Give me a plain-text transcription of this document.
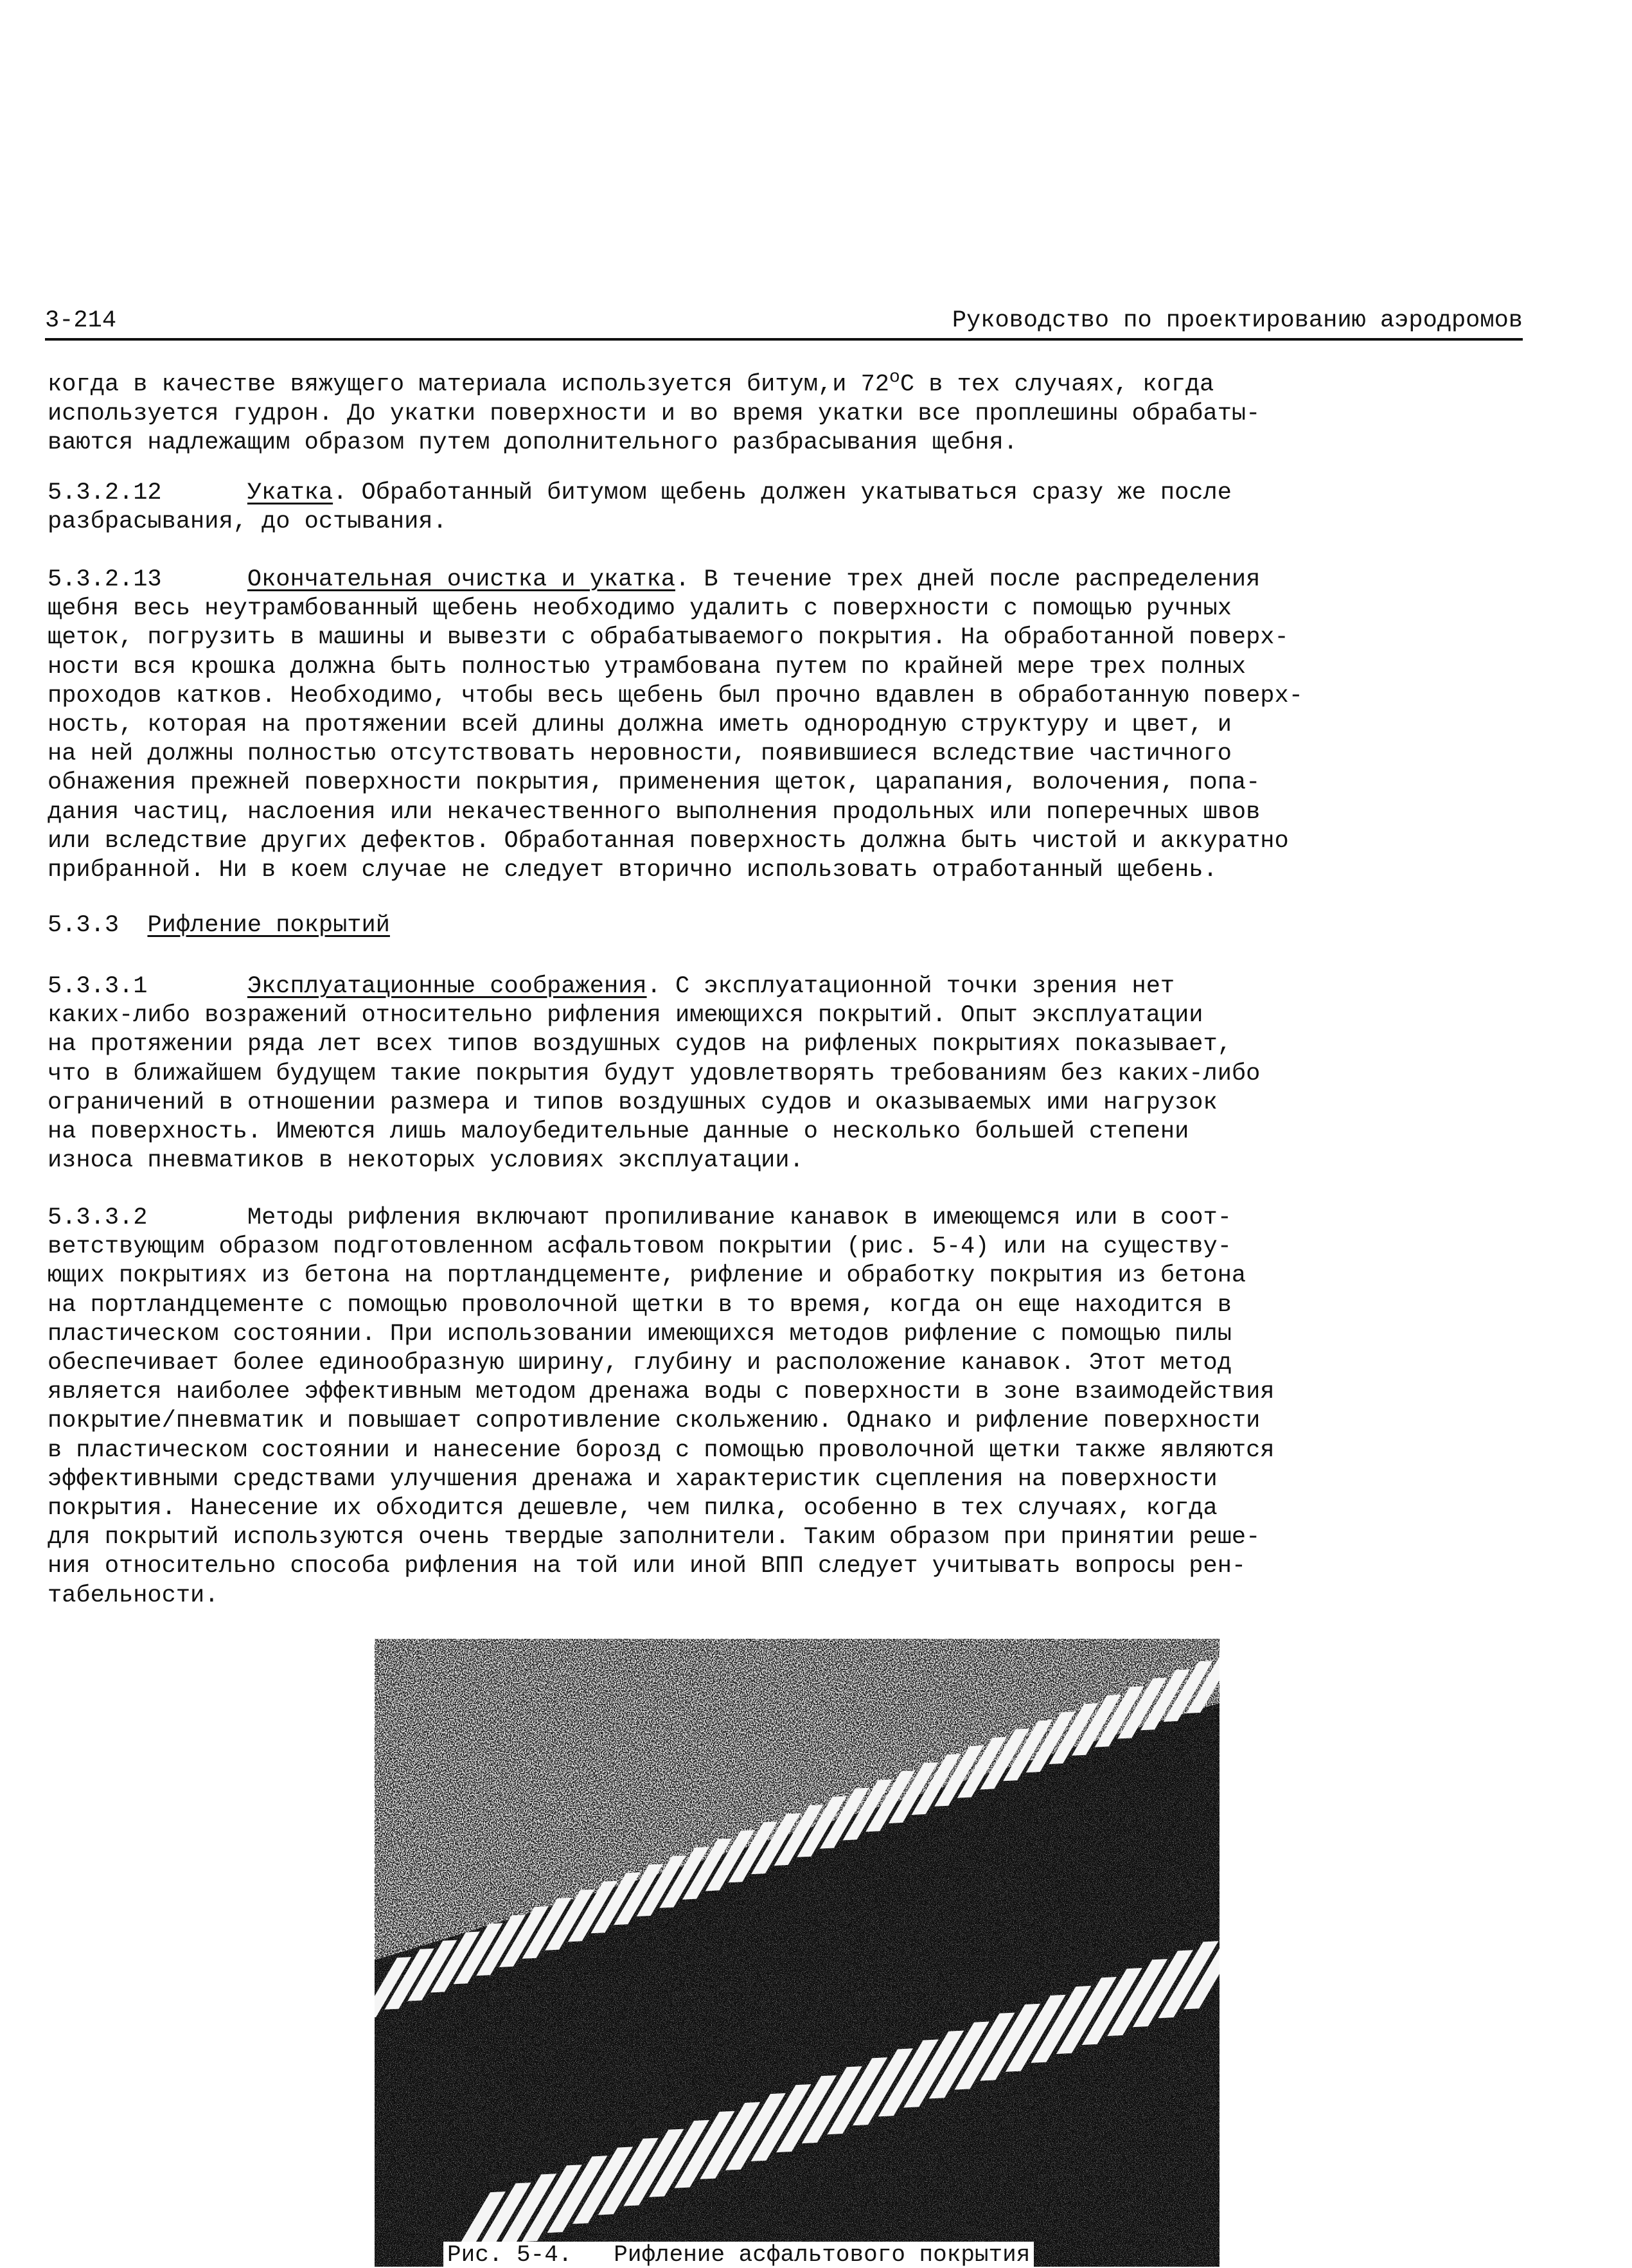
3-214	Руководство по проектированию аэродромов
когда в качестве вяжущего материала используется битум,и 72$^o$C в тех случаях, когда
используется гудрон. До укатки поверхности и во время укатки все проплешины обрабаты-
ваются надлежащим образом путем дополнительного разбрасывания щебня.
5.3.2.12	Укатка. Обработанный битумом щебень должен укатываться сразу же после
разбрасывания, до остывания.
5.3.2.13	Окончательная очистка и укатка. В течение трех дней после распределения
щебня весь неутрамбованный щебень необходимо удалить с поверхности с помощью ручных
щеток, погрузить в машины и вывезти с обрабатываемого покрытия. На обработанной поверх-
ности вся крошка должна быть полностью утрамбована путем по крайней мере трех полных
проходов катков. Необходимо, чтобы весь щебень был прочно вдавлен в обработанную поверх-
ность, которая на протяжении всей длины должна иметь однородную структуру и цвет, и
на ней должны полностью отсутствовать неровности, появившиеся вследствие частичного
обнажения прежней поверхности покрытия, применения щеток, царапания, волочения, попа-
дания частиц, наслоения или некачественного выполнения продольных или поперечных швов
или вследствие других дефектов. Обработанная поверхность должна быть чистой и аккуратно
прибранной. Ни в коем случае не следует вторично использовать отработанный щебень.
5.3.3 Рифление покрытий
5.3.3.1	Эксплуатационные соображения. С эксплуатационной точки зрения нет
каких-либо возражений относительно рифления имеющихся покрытий. Опыт эксплуатации
на протяжении ряда лет всех типов воздушных судов на рифленых покрытиях показывает,
что в ближайшем будущем такие покрытия будут удовлетворять требованиям без каких-либо
ограничений в отношении размера и типов воздушных судов и оказываемых ими нагрузок
на поверхность. Имеются лишь малоубедительные данные о несколько большей степени
износа пневматиков в некоторых условиях эксплуатации.
5.3.3.2	Методы рифления включают пропиливание канавок в имеющемся или в соот-
ветствующим образом подготовленном асфальтовом покрытии (рис. 5-4) или на существу-
ющих покрытиях из бетона на портландцементе, рифление и обработку покрытия из бетона
на портландцементе с помощью проволочной щетки в то время, когда он еще находится в
пластическом состоянии. При использовании имеющихся методов рифление с помощью пилы
обеспечивает более единообразную ширину, глубину и расположение канавок. Этот метод
является наиболее эффективным методом дренажа воды с поверхности в зоне взаимодействия
покрытие/пневматик и повышает сопротивление скольжению. Однако и рифление поверхности
в пластическом состоянии и нанесение борозд с помощью проволочной щетки также являются
эффективными средствами улучшения дренажа и характеристик сцепления на поверхности
покрытия. Нанесение их обходится дешевле, чем пилка, особенно в тех случаях, когда
для покрытий используются очень твердые заполнители. Таким образом при принятии реше-
ния относительно способа рифления на той или иной ВПП следует учитывать вопросы рен-
табельности.
Рис. 5-4.   Рифление асфальтового покрытия
